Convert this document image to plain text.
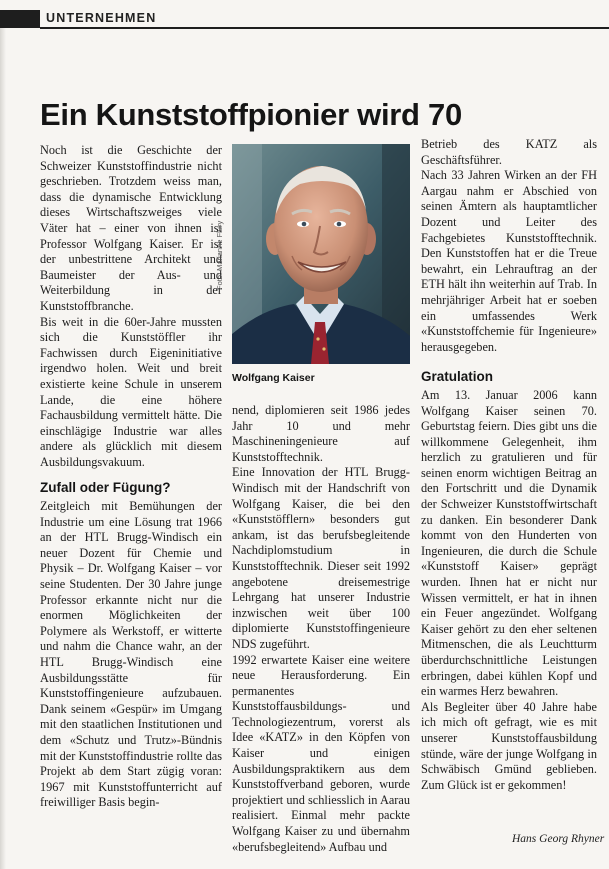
UNTERNEHMEN
Ein Kunststoffpionier wird 70

Noch ist die Geschichte der Schweizer Kunststoffindustrie nicht geschrieben. Trotzdem weiss man, dass die dynamische Entwicklung dieses Wirtschaftszweiges viele Väter hat – einer von ihnen ist Professor Wolfgang Kaiser. Er ist der unbestrittene Architekt und Baumeister der Aus- und Weiterbildung in der Kunststoffbranche.

Bis weit in die 60er-Jahre mussten sich die Kunststöffler ihr Fachwissen durch Eigeninitiative irgendwo holen. Weit und breit existierte keine Schule in unserem Lande, die eine höhere Fachausbildung vermittelt hätte. Die einschlägige Industrie war alles andere als glücklich mit diesem Ausbildungsvakuum.

Zufall oder Fügung?

Zeitgleich mit Bemühungen der Industrie um eine Lösung trat 1966 an der HTL Brugg-Windisch ein neuer Dozent für Chemie und Physik – Dr. Wolfgang Kaiser – vor seine Studenten. Der 30 Jahre junge Professor erkannte nicht nur die enormen Möglichkeiten der Polymere als Werkstoff, er witterte und nahm die Chance wahr, an der HTL Brugg-Windisch eine Ausbildungsstätte für Kunststoffingenieure aufzubauen. Dank seinem «Gespür» im Umgang mit den staatlichen Institutionen und dem «Schutz und Trutz»-Bündnis mit der Kunststoffindustrie rollte das Projekt ab dem Start zügig voran: 1967 mit Kunststoffunterricht auf freiwilliger Basis begin-

Foto: Marianne Flury
Wolfgang Kaiser

nend, diplomieren seit 1986 jedes Jahr 10 und mehr Maschineningenieure auf Kunststofftechnik.

Eine Innovation der HTL Brugg-Windisch mit der Handschrift von Wolfgang Kaiser, die bei den «Kunststöfflern» besonders gut ankam, ist das berufsbegleitende Nachdiplomstudium in Kunststofftechnik. Dieser seit 1992 angebotene dreisemestrige Lehrgang hat unserer Industrie inzwischen weit über 100 diplomierte Kunststoffingenieure NDS zugeführt.

1992 erwartete Kaiser eine weitere neue Herausforderung. Ein permanentes Kunststoffausbildungs- und Technologiezentrum, vorerst als Idee «KATZ» in den Köpfen von Kaiser und einigen Ausbildungspraktikern aus dem Kunststoffverband geboren, wurde projektiert und schliesslich in Aarau realisiert. Einmal mehr packte Wolfgang Kaiser zu und übernahm «berufsbegleitend» Aufbau und

Betrieb des KATZ als Geschäftsführer.

Nach 33 Jahren Wirken an der FH Aargau nahm er Abschied von seinen Ämtern als hauptamtlicher Dozent und Leiter des Fachgebietes Kunststofftechnik. Den Kunststoffen hat er die Treue bewahrt, ein Lehrauftrag an der ETH hält ihn weiterhin auf Trab. In mehrjähriger Arbeit hat er soeben ein umfassendes Werk «Kunststoffchemie für Ingenieure» herausgegeben.

Gratulation

Am 13. Januar 2006 kann Wolfgang Kaiser seinen 70. Geburtstag feiern. Dies gibt uns die willkommene Gelegenheit, ihm herzlich zu gratulieren und für seinen enorm wichtigen Beitrag an den Fortschritt und die Dynamik der Schweizer Kunststoffwirtschaft zu danken. Ein besonderer Dank kommt von den Hunderten von Ingenieuren, die durch die Schule «Kunststoff Kaiser» geprägt wurden. Ihnen hat er nicht nur Wissen vermittelt, er hat in ihnen ein Feuer angezündet. Wolfgang Kaiser gehört zu den eher seltenen Mitmenschen, die als Leuchtturm überdurchschnittliche Leistungen erbringen, dabei kühlen Kopf und ein warmes Herz bewahren.

Als Begleiter über 40 Jahre habe ich mich oft gefragt, wie es mit unserer Kunststoffausbildung stünde, wäre der junge Wolfgang in Schwäbisch Gmünd geblieben. Zum Glück ist er gekommen!

Hans Georg Rhyner
